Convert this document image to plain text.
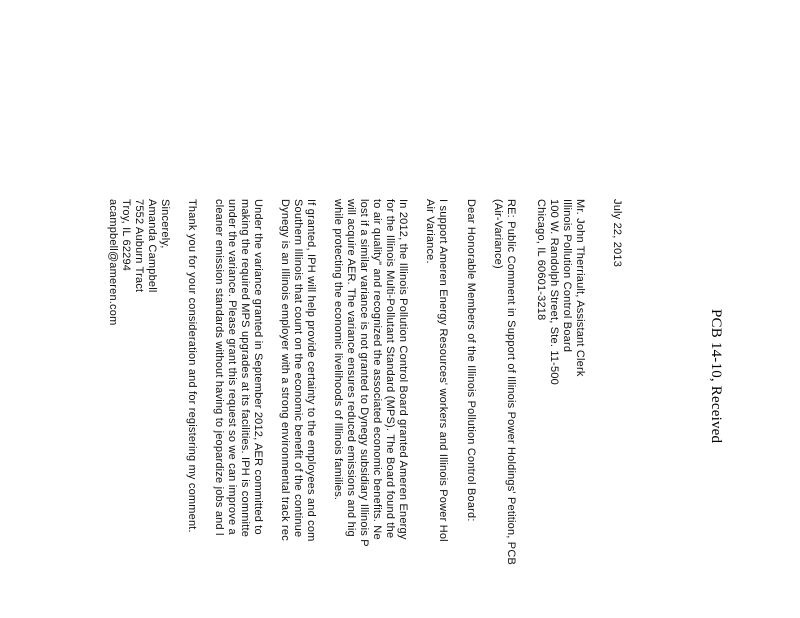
PCB 14-10, Received
July 22, 2013
Mr. John Therriault, Assistant Clerk
Illinois Pollution Control Board
100 W. Randolph Street, Ste. 11-500
Chicago, IL 60601-3218
RE: Public Comment in Support of Illinois Power Holdings' Petition, PCB
(Air-Variance)
Dear Honorable Members of the Illinois Pollution Control Board:
I support Ameren Energy Resources' workers and Illinois Power Hol
Air Variance.
In 2012, the Illinois Pollution Control Board granted Ameren Energy
for the Illinois Multi-Pollutant Standard (MPS). The Board found the
to air quality" and recognized the associated economic benefits. Ne
lost if a similar variance is not granted to Dynegy subsidiary Illinois P
will acquire AER. The variance ensures reduced emissions and hig
while protecting the economic livelihoods of Illinois families.
If granted, IPH will help provide certainty to the employees and com
Southern Illinois that count on the economic benefit of the continue
Dynegy is an Illinois employer with a strong environmental track rec
Under the variance granted in September 2012, AER committed to
making the required MPS upgrades at its facilities. IPH is committe
under the variance. Please grant this request so we can improve a
cleaner emission standards without having to jeopardize jobs and l
Thank you for your consideration and for registering my comment.
Sincerely,
Amanda Campbell
7552 Auburn Tract
Troy, IL 62294
acampbell@ameren.com
